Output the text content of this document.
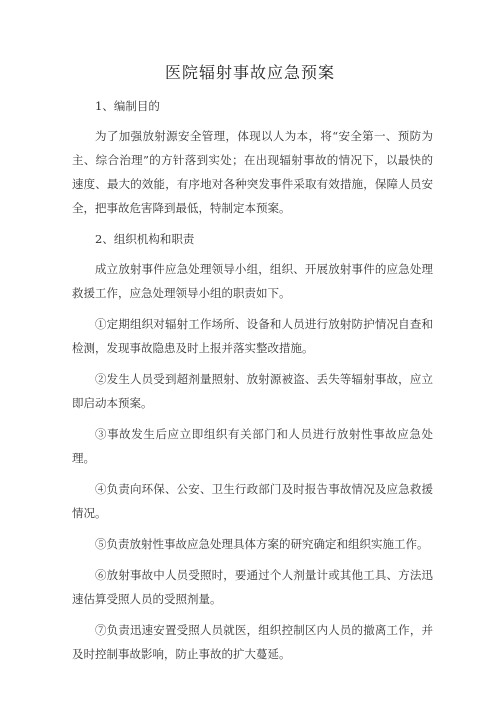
医院辐射事故应急预案
1、编制目的

为了加强放射源安全管理，体现以人为本，将“安全第一、预防为主、综合治理”的方针落到实处；在出现辐射事故的情况下，以最快的速度、最大的效能，有序地对各种突发事件采取有效措施，保障人员安全，把事故危害降到最低，特制定本预案。

2、组织机构和职责

成立放射事件应急处理领导小组，组织、开展放射事件的应急处理救援工作，应急处理领导小组的职责如下。

①定期组织对辐射工作场所、设备和人员进行放射防护情况自查和检测，发现事故隐患及时上报并落实整改措施。

②发生人员受到超剂量照射、放射源被盗、丢失等辐射事故，应立即启动本预案。

③事故发生后应立即组织有关部门和人员进行放射性事故应急处理。

④负责向环保、公安、卫生行政部门及时报告事故情况及应急救援情况。

⑤负责放射性事故应急处理具体方案的研究确定和组织实施工作。

⑥放射事故中人员受照时，要通过个人剂量计或其他工具、方法迅速估算受照人员的受照剂量。

⑦负责迅速安置受照人员就医，组织控制区内人员的撤离工作，并及时控制事故影响，防止事故的扩大蔓延。
